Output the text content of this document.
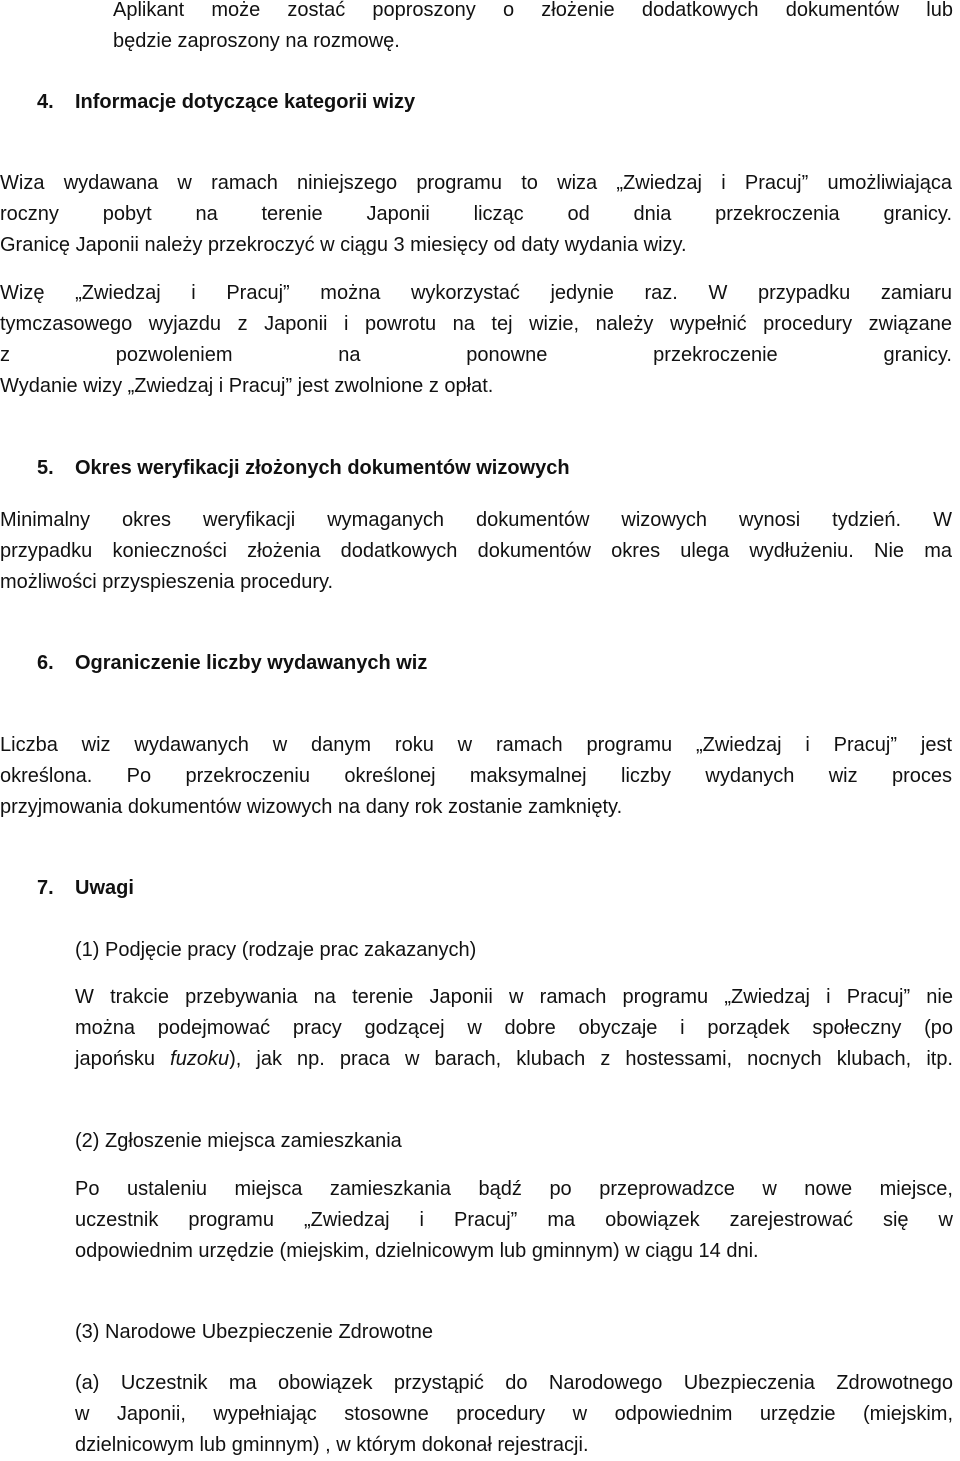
Aplikant może zostać poproszony o złożenie dodatkowych dokumentów lub
będzie zaproszony na rozmowę.
4. Informacje dotyczące kategorii wizy
Wiza wydawana w ramach niniejszego programu to wiza „Zwiedzaj i Pracuj” umożliwiająca
roczny pobyt na terenie Japonii licząc od dnia przekroczenia granicy.
Granicę Japonii należy przekroczyć w ciągu 3 miesięcy od daty wydania wizy.
Wizę „Zwiedzaj i Pracuj” można wykorzystać jedynie raz. W przypadku zamiaru
tymczasowego wyjazdu z Japonii i powrotu na tej wizie, należy wypełnić procedury związane
z pozwoleniem na ponowne przekroczenie granicy.
Wydanie wizy „Zwiedzaj i Pracuj” jest zwolnione z opłat.
5. Okres weryfikacji złożonych dokumentów wizowych
Minimalny okres weryfikacji wymaganych dokumentów wizowych wynosi tydzień. W
przypadku konieczności złożenia dodatkowych dokumentów okres ulega wydłużeniu. Nie ma
możliwości przyspieszenia procedury.
6. Ograniczenie liczby wydawanych wiz
Liczba wiz wydawanych w danym roku w ramach programu „Zwiedzaj i Pracuj” jest
określona. Po przekroczeniu określonej maksymalnej liczby wydanych wiz proces
przyjmowania dokumentów wizowych na dany rok zostanie zamknięty.
7. Uwagi
(1) Podjęcie pracy (rodzaje prac zakazanych)
W trakcie przebywania na terenie Japonii w ramach programu „Zwiedzaj i Pracuj” nie
można podejmować pracy godzącej w dobre obyczaje i porządek społeczny (po
japońsku fuzoku), jak np. praca w barach, klubach z hostessami, nocnych klubach, itp.
(2) Zgłoszenie miejsca zamieszkania
Po ustaleniu miejsca zamieszkania bądź po przeprowadzce w nowe miejsce,
uczestnik programu „Zwiedzaj i Pracuj” ma obowiązek zarejestrować się w
odpowiednim urzędzie (miejskim, dzielnicowym lub gminnym) w ciągu 14 dni.
(3) Narodowe Ubezpieczenie Zdrowotne
(a) Uczestnik ma obowiązek przystąpić do Narodowego Ubezpieczenia Zdrowotnego
w Japonii, wypełniając stosowne procedury w odpowiednim urzędzie (miejskim,
dzielnicowym lub gminnym) , w którym dokonał rejestracji.
